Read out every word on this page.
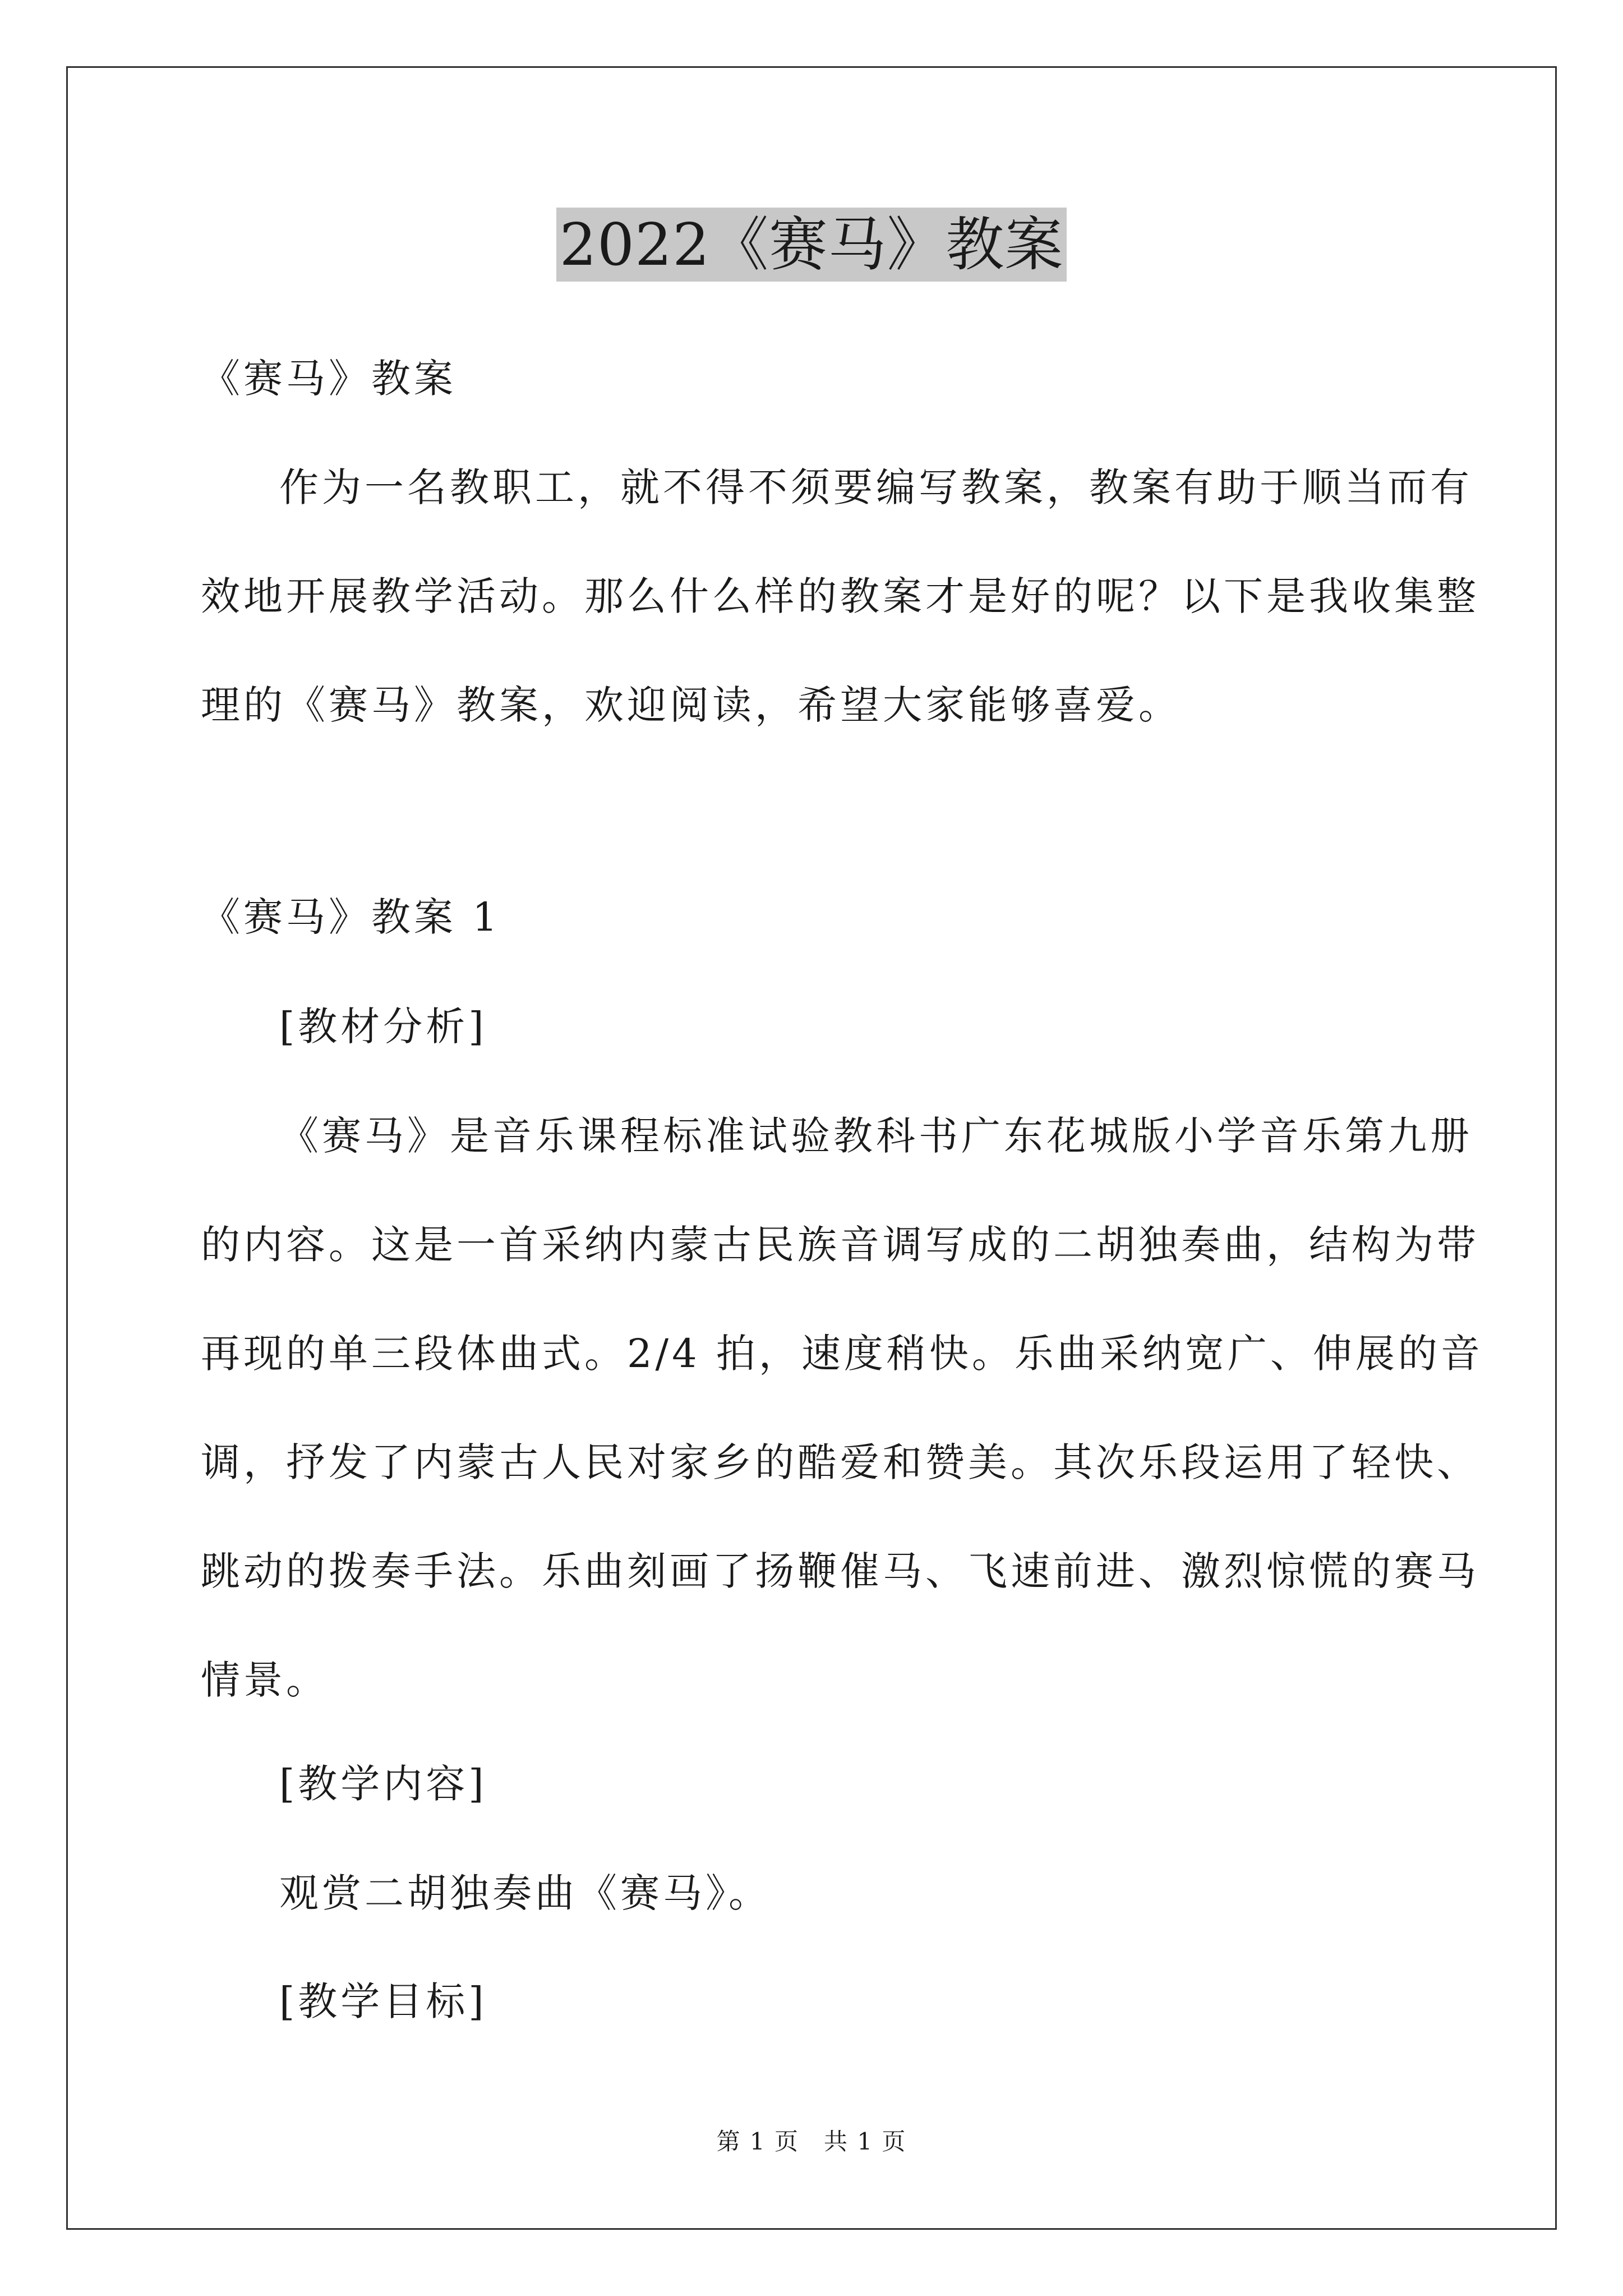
2022《赛马》教案
《赛马》教案
作为一名教职工，就不得不须要编写教案，教案有助于顺当而有
效地开展教学活动。那么什么样的教案才是好的呢？以下是我收集整
理的《赛马》教案，欢迎阅读，希望大家能够喜爱。
《赛马》教案 1
[教材分析]
《赛马》是音乐课程标准试验教科书广东花城版小学音乐第九册
的内容。这是一首采纳内蒙古民族音调写成的二胡独奏曲，结构为带
再现的单三段体曲式。2/4 拍，速度稍快。乐曲采纳宽广、伸展的音
调，抒发了内蒙古人民对家乡的酷爱和赞美。其次乐段运用了轻快、
跳动的拨奏手法。乐曲刻画了扬鞭催马、飞速前进、激烈惊慌的赛马
情景。
[教学内容]
观赏二胡独奏曲《赛马》。
[教学目标]
第 1 页　共 1 页
